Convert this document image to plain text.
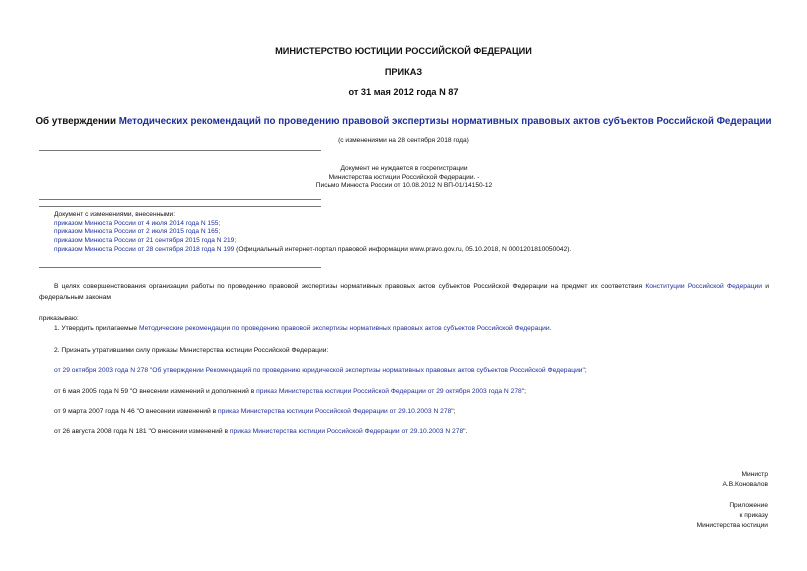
МИНИСТЕРСТВО ЮСТИЦИИ РОССИЙСКОЙ ФЕДЕРАЦИИ
ПРИКАЗ
от 31 мая 2012 года N 87
Об утверждении Методических рекомендаций по проведению правовой экспертизы нормативных правовых актов субъектов Российской Федерации
(с изменениями на 28 сентября 2018 года)
Документ не нуждается в госрегистрации
Министерства юстиции Российской Федерации. -
Письмо Минюста России от 10.08.2012 N ВП-01/14150-12
Документ с изменениями, внесенными:
приказом Минюста России от 4 июля 2014 года N 155;
приказом Минюста России от 2 июля 2015 года N 165;
приказом Минюста России от 21 сентября 2015 года N 219;
приказом Минюста России от 28 сентября 2018 года N 199 (Официальный интернет-портал правовой информации www.pravo.gov.ru, 05.10.2018, N 0001201810050042).
В целях совершенствования организации работы по проведению правовой экспертизы нормативных правовых актов субъектов Российской Федерации на предмет их соответствия Конституции Российской Федерации и федеральным законам
приказываю:
1. Утвердить прилагаемые Методические рекомендации по проведению правовой экспертизы нормативных правовых актов субъектов Российской Федерации.
2. Признать утратившими силу приказы Министерства юстиции Российской Федерации:
от 29 октября 2003 года N 278 "Об утверждении Рекомендаций по проведению юридической экспертизы нормативных правовых актов субъектов Российской Федерации";
от 6 мая 2005 года N 59 "О внесении изменений и дополнений в приказ Министерства юстиции Российской Федерации от 29 октября 2003 года N 278";
от 9 марта 2007 года N 46 "О внесении изменений в приказ Министерства юстиции Российской Федерации от 29.10.2003 N 278";
от 26 августа 2008 года N 181 "О внесении изменений в приказ Министерства юстиции Российской Федерации от 29.10.2003 N 278".
Министр
А.В.Коновалов
Приложение
к приказу
Министерства юстиции
